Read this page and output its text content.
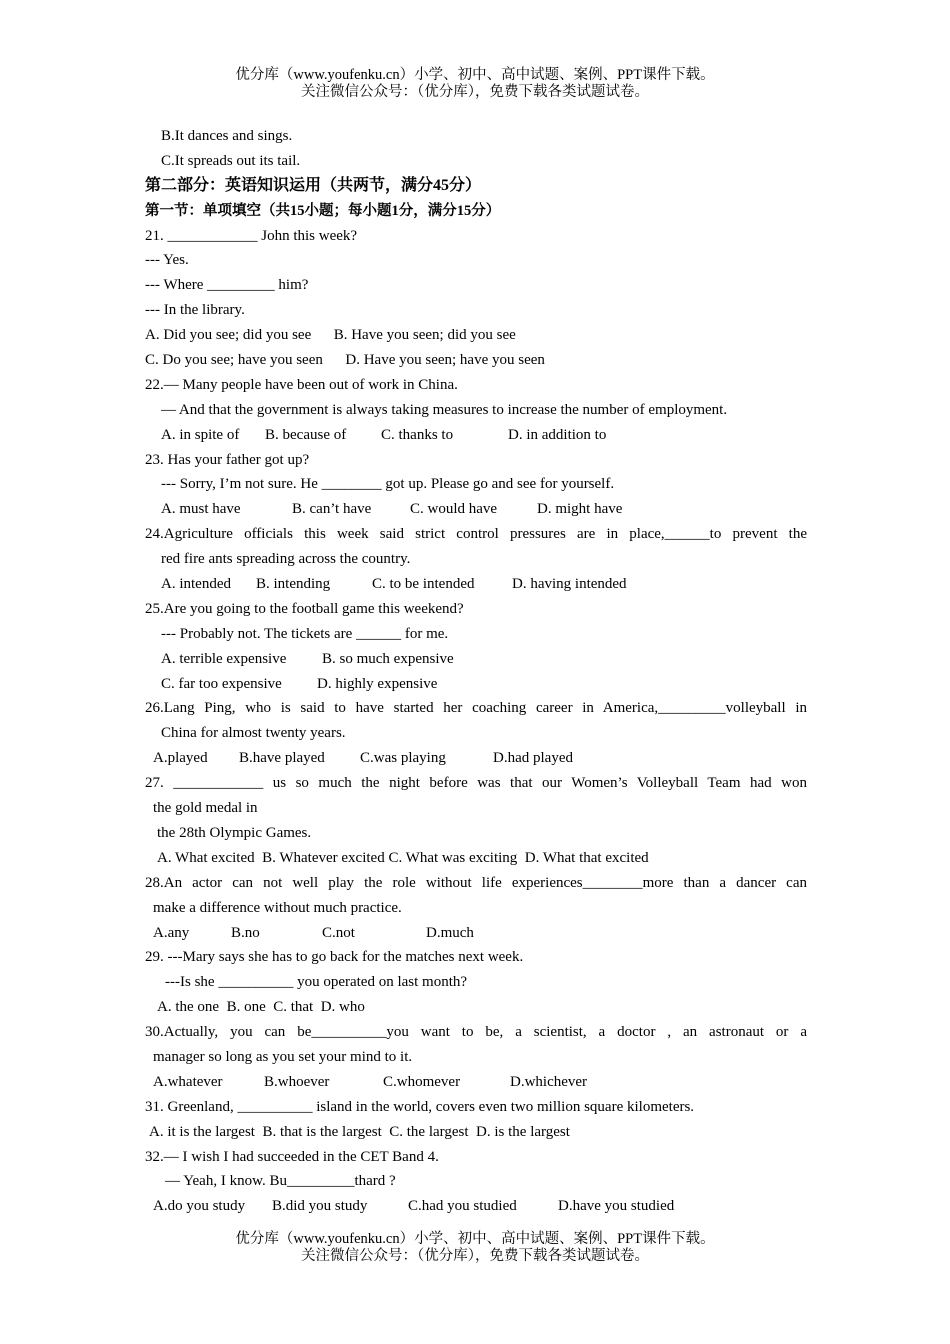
优分库（www.youfenku.cn）小学、初中、高中试题、案例、PPT课件下载。
关注微信公众号：（优分库），免费下载各类试题试卷。
B.It dances and sings.
C.It spreads out its tail.
第二部分：英语知识运用（共两节，满分45分）
第一节：单项填空（共15小题；每小题1分，满分15分）
21. ____________ John this week?
--- Yes.
--- Where _________ him?
--- In the library.
A. Did you see; did you see      B. Have you seen; did you see
C. Do you see; have you seen      D. Have you seen; have you seen
22.— Many people have been out of work in China.
— And that the government is always taking measures to increase the number of employment.
A. in spite of B. because of C. thanks to	D. in addition to
23. Has your father got up?
--- Sorry, I’m not sure. He ________ got up. Please go and see for yourself.
A. must have	B. can’t have	C. would have	D. might have
24.Agriculture officials this week said strict control pressures are in place,______to prevent the
red fire ants spreading across the country.
A. intended B. intending	C. to be intended	D. having intended
25.Are you going to the football game this weekend?
--- Probably not. The tickets are ______ for me.
A. terrible expensive B. so much expensive
C. far too expensive D. highly expensive
26.Lang Ping, who is said to have started her coaching career in America,_________volleyball in
China for almost twenty years.
A.played B.have played C.was playing	D.had played
27. ____________ us so much the night before was that our Women’s Volleyball Team had won
the gold medal in
the 28th Olympic Games.
A. What excited  B. Whatever excited C. What was exciting  D. What that excited
28.An actor can not well play the role without life experiences________more than a dancer can
make a difference without much practice.
A.any	B.no	C.not	D.much
29. ---Mary says she has to go back for the matches next week.
---Is she __________ you operated on last month?
A. the one  B. one  C. that  D. who
30.Actually, you can be__________you want to be, a scientist, a doctor , an astronaut or a
manager so long as you set your mind to it.
A.whatever	B.whoever	C.whomever	D.whichever
31. Greenland, __________ island in the world, covers even two million square kilometers.
A. it is the largest  B. that is the largest  C. the largest  D. is the largest
32.— I wish I had succeeded in the CET Band 4.
— Yeah, I know. Bu_________thard ?
A.do you study B.did you study	C.had you studied	D.have you studied
优分库（www.youfenku.cn）小学、初中、高中试题、案例、PPT课件下载。
关注微信公众号：（优分库），免费下载各类试题试卷。
